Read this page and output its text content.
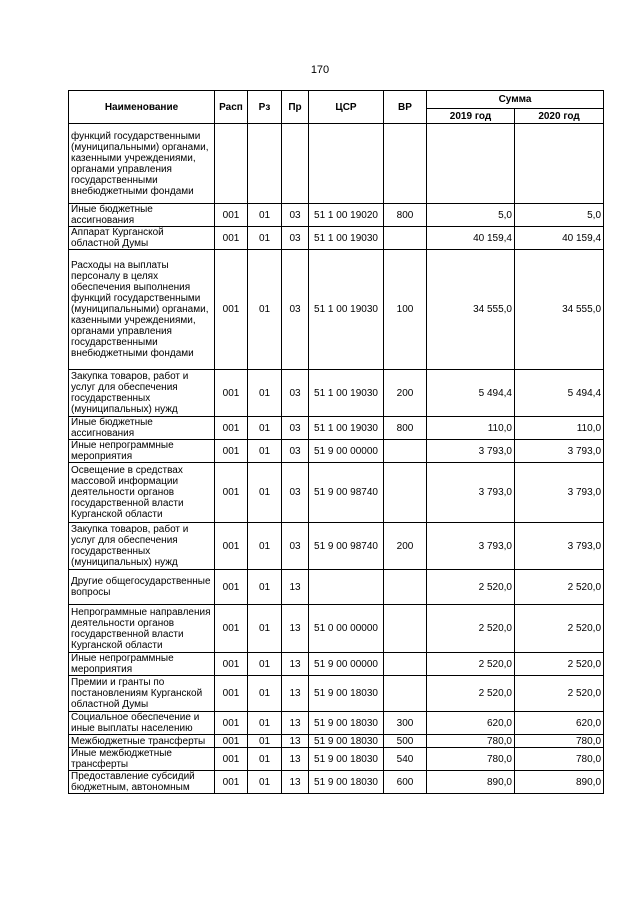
170
Наименование	Расп	Рз	Пр	ЦСР	ВР	Сумма	
						2019 год	2020 год
функций государственными (муниципальными) органами, казенными учреждениями, органами управления государственными внебюджетными фондами							
Иные бюджетные ассигнования	001	01	03	51 1 00 19020	800	5,0	5,0
Аппарат Курганской областной Думы	001	01	03	51 1 00 19030		40 159,4	40 159,4
Расходы на выплаты персоналу в целях обеспечения выполнения функций государственными (муниципальными) органами, казенными учреждениями, органами управления государственными внебюджетными фондами	001	01	03	51 1 00 19030	100	34 555,0	34 555,0
Закупка товаров, работ и услуг для обеспечения государственных (муниципальных) нужд	001	01	03	51 1 00 19030	200	5 494,4	5 494,4
Иные бюджетные ассигнования	001	01	03	51 1 00 19030	800	110,0	110,0
Иные непрограммные мероприятия	001	01	03	51 9 00 00000		3 793,0	3 793,0
Освещение в средствах массовой информации деятельности органов государственной власти Курганской области	001	01	03	51 9 00 98740		3 793,0	3 793,0
Закупка товаров, работ и услуг для обеспечения государственных (муниципальных) нужд	001	01	03	51 9 00 98740	200	3 793,0	3 793,0
Другие общегосударственные вопросы	001	01	13			2 520,0	2 520,0
Непрограммные направления деятельности органов государственной власти Курганской области	001	01	13	51 0 00 00000		2 520,0	2 520,0
Иные непрограммные мероприятия	001	01	13	51 9 00 00000		2 520,0	2 520,0
Премии и гранты по постановлениям Курганской областной Думы	001	01	13	51 9 00 18030		2 520,0	2 520,0
Социальное обеспечение и иные выплаты населению	001	01	13	51 9 00 18030	300	620,0	620,0
Межбюджетные трансферты	001	01	13	51 9 00 18030	500	780,0	780,0
Иные межбюджетные трансферты	001	01	13	51 9 00 18030	540	780,0	780,0
Предоставление субсидий бюджетным, автономным	001	01	13	51 9 00 18030	600	890,0	890,0
